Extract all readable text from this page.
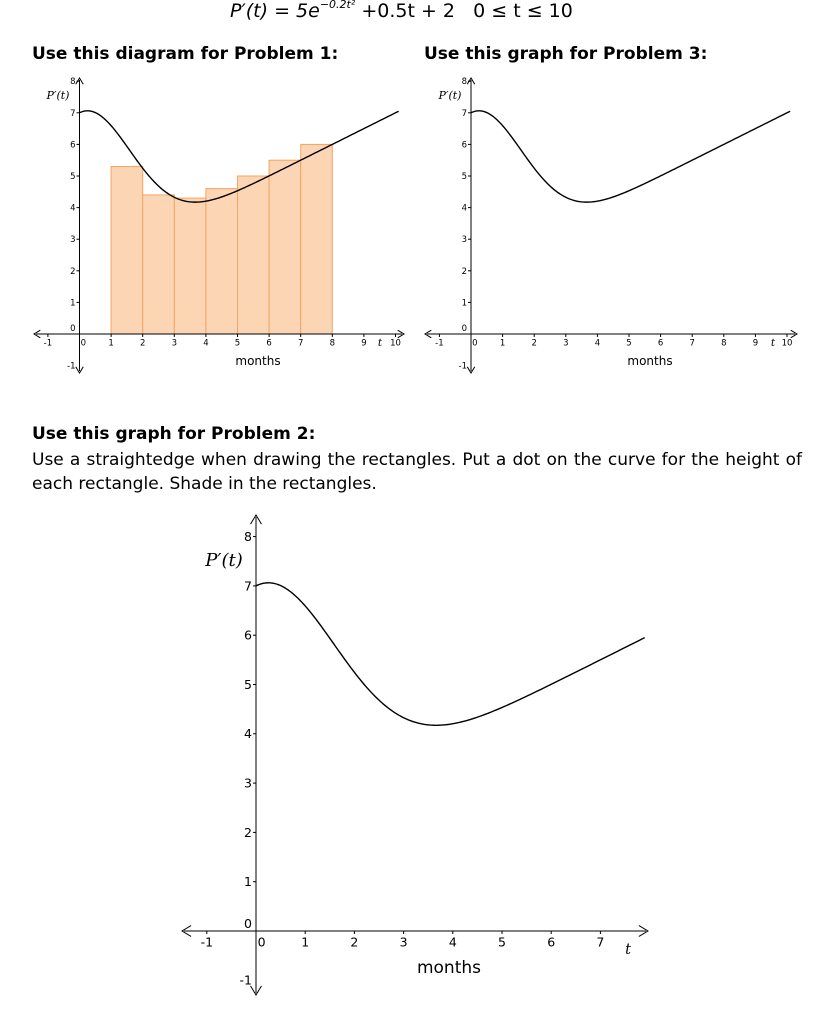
$P'(t) = 5e^{-0.2t^2} +0.5t + 2$ 0 ≤ t ≤ 10
Use this diagram for Problem 1:	Use this graph for Problem 3:
Use this graph for Problem 2:
Use a straightedge when drawing the rectangles. Put a dot on the curve for the height of each rectangle. Shade in the rectangles.
-1	0	1	2	3	4	5	6	7	8	9	10
-1
0
1
2
3
4
5
6
7
8
months
P′(t)
t	-1	0	1	2	3	4	5	6	7	8	9	10
-1
0
1
2
3
4
5
6
7
8
months
P′(t)
t
-1	0	1	2	3	4	5	6	7
-1
0
1
2
3
4
5
6
7
8
months
P′(t)
t
